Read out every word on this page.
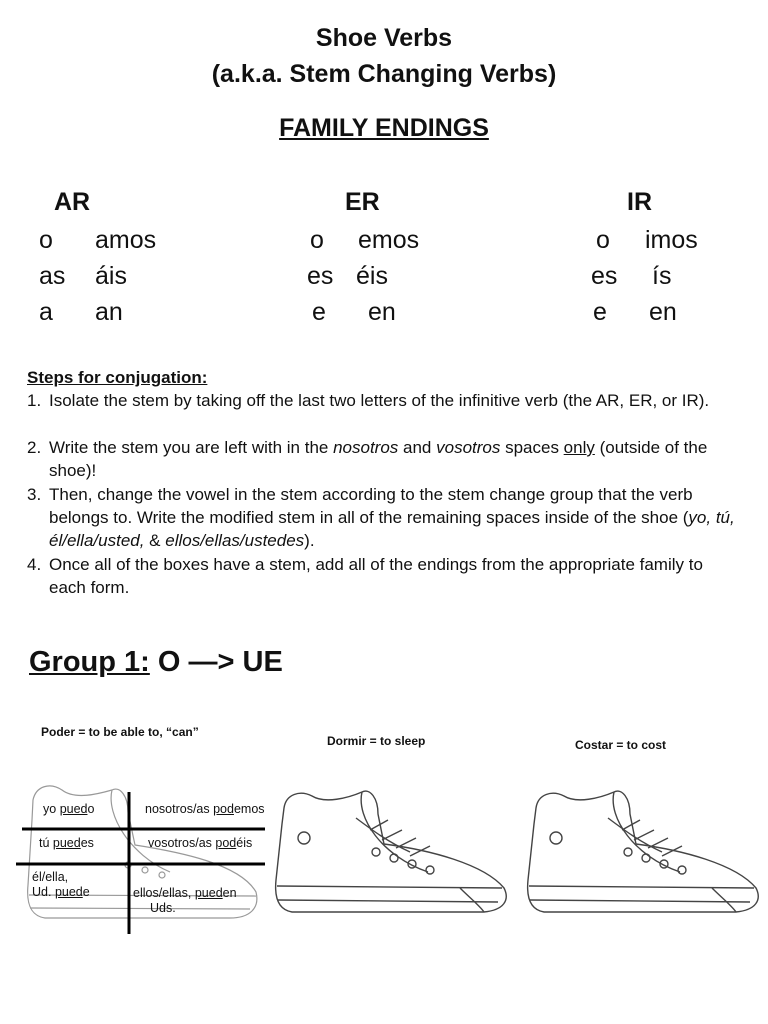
Shoe Verbs
(a.k.a. Stem Changing Verbs)
FAMILY ENDINGS
AR
o amos
as áis
a an
ER
o emos
es éis
e en
IR
o imos
es ís
e en
Steps for conjugation:
1. Isolate the stem by taking off the last two letters of the infinitive verb (the AR, ER, or IR).
2. Write the stem you are left with in the nosotros and vosotros spaces only (outside of the shoe)!
3. Then, change the vowel in the stem according to the stem change group that the verb belongs to. Write the modified stem in all of the remaining spaces inside of the shoe (yo, tú, él/ella/usted, & ellos/ellas/ustedes).
4. Once all of the boxes have a stem, add all of the endings from the appropriate family to each form.
Group 1: O —> UE
Poder = to be able to, “can”
Dormir = to sleep	Costar = to cost
yo puedo	nosotros/as podemos
tú puedes	vosotros/as podéis
él/ella,
Ud. puede	ellos/ellas, pueden
Uds.
